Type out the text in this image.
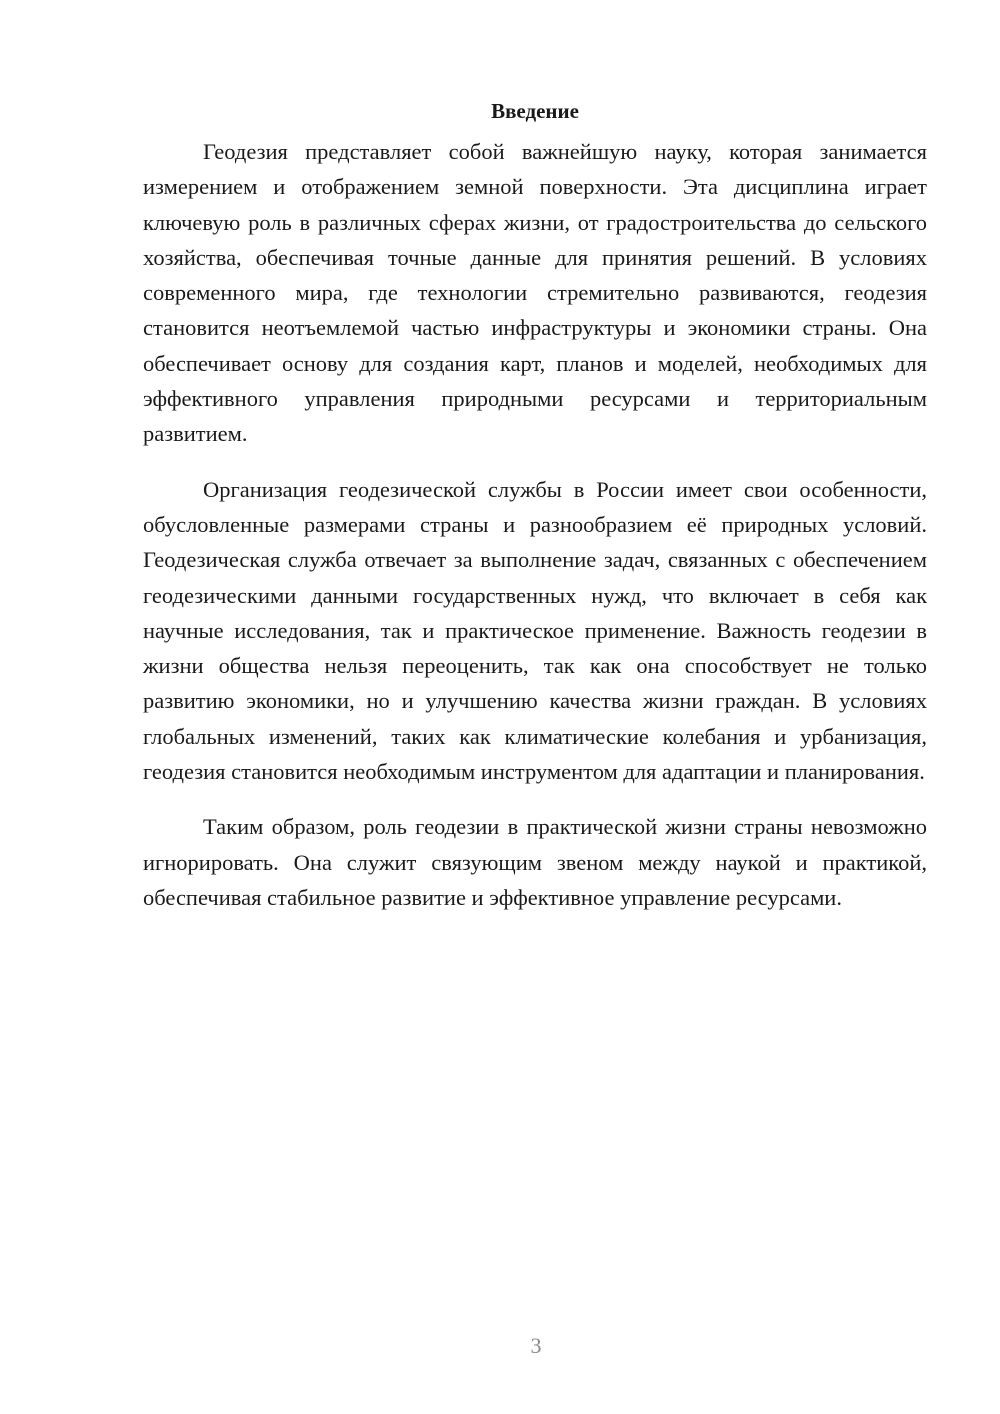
Введение

Геодезия представляет собой важнейшую науку, которая занимается измерением и отображением земной поверхности. Эта дисциплина играет ключевую роль в различных сферах жизни, от градостроительства до сельского хозяйства, обеспечивая точные данные для принятия решений. В условиях современного мира, где технологии стремительно развиваются, геодезия становится неотъемлемой частью инфраструктуры и экономики страны. Она обеспечивает основу для создания карт, планов и моделей, необходимых для эффективного управления природными ресурсами и территориальным развитием.

Организация геодезической службы в России имеет свои особенности, обусловленные размерами страны и разнообразием её природных условий. Геодезическая служба отвечает за выполнение задач, связанных с обеспечением геодезическими данными государственных нужд, что включает в себя как научные исследования, так и практическое применение. Важность геодезии в жизни общества нельзя переоценить, так как она способствует не только развитию экономики, но и улучшению качества жизни граждан. В условиях глобальных изменений, таких как климатические колебания и урбанизация, геодезия становится необходимым инструментом для адаптации и планирования.

Таким образом, роль геодезии в практической жизни страны невозможно игнорировать. Она служит связующим звеном между наукой и практикой, обеспечивая стабильное развитие и эффективное управление ресурсами.

3
